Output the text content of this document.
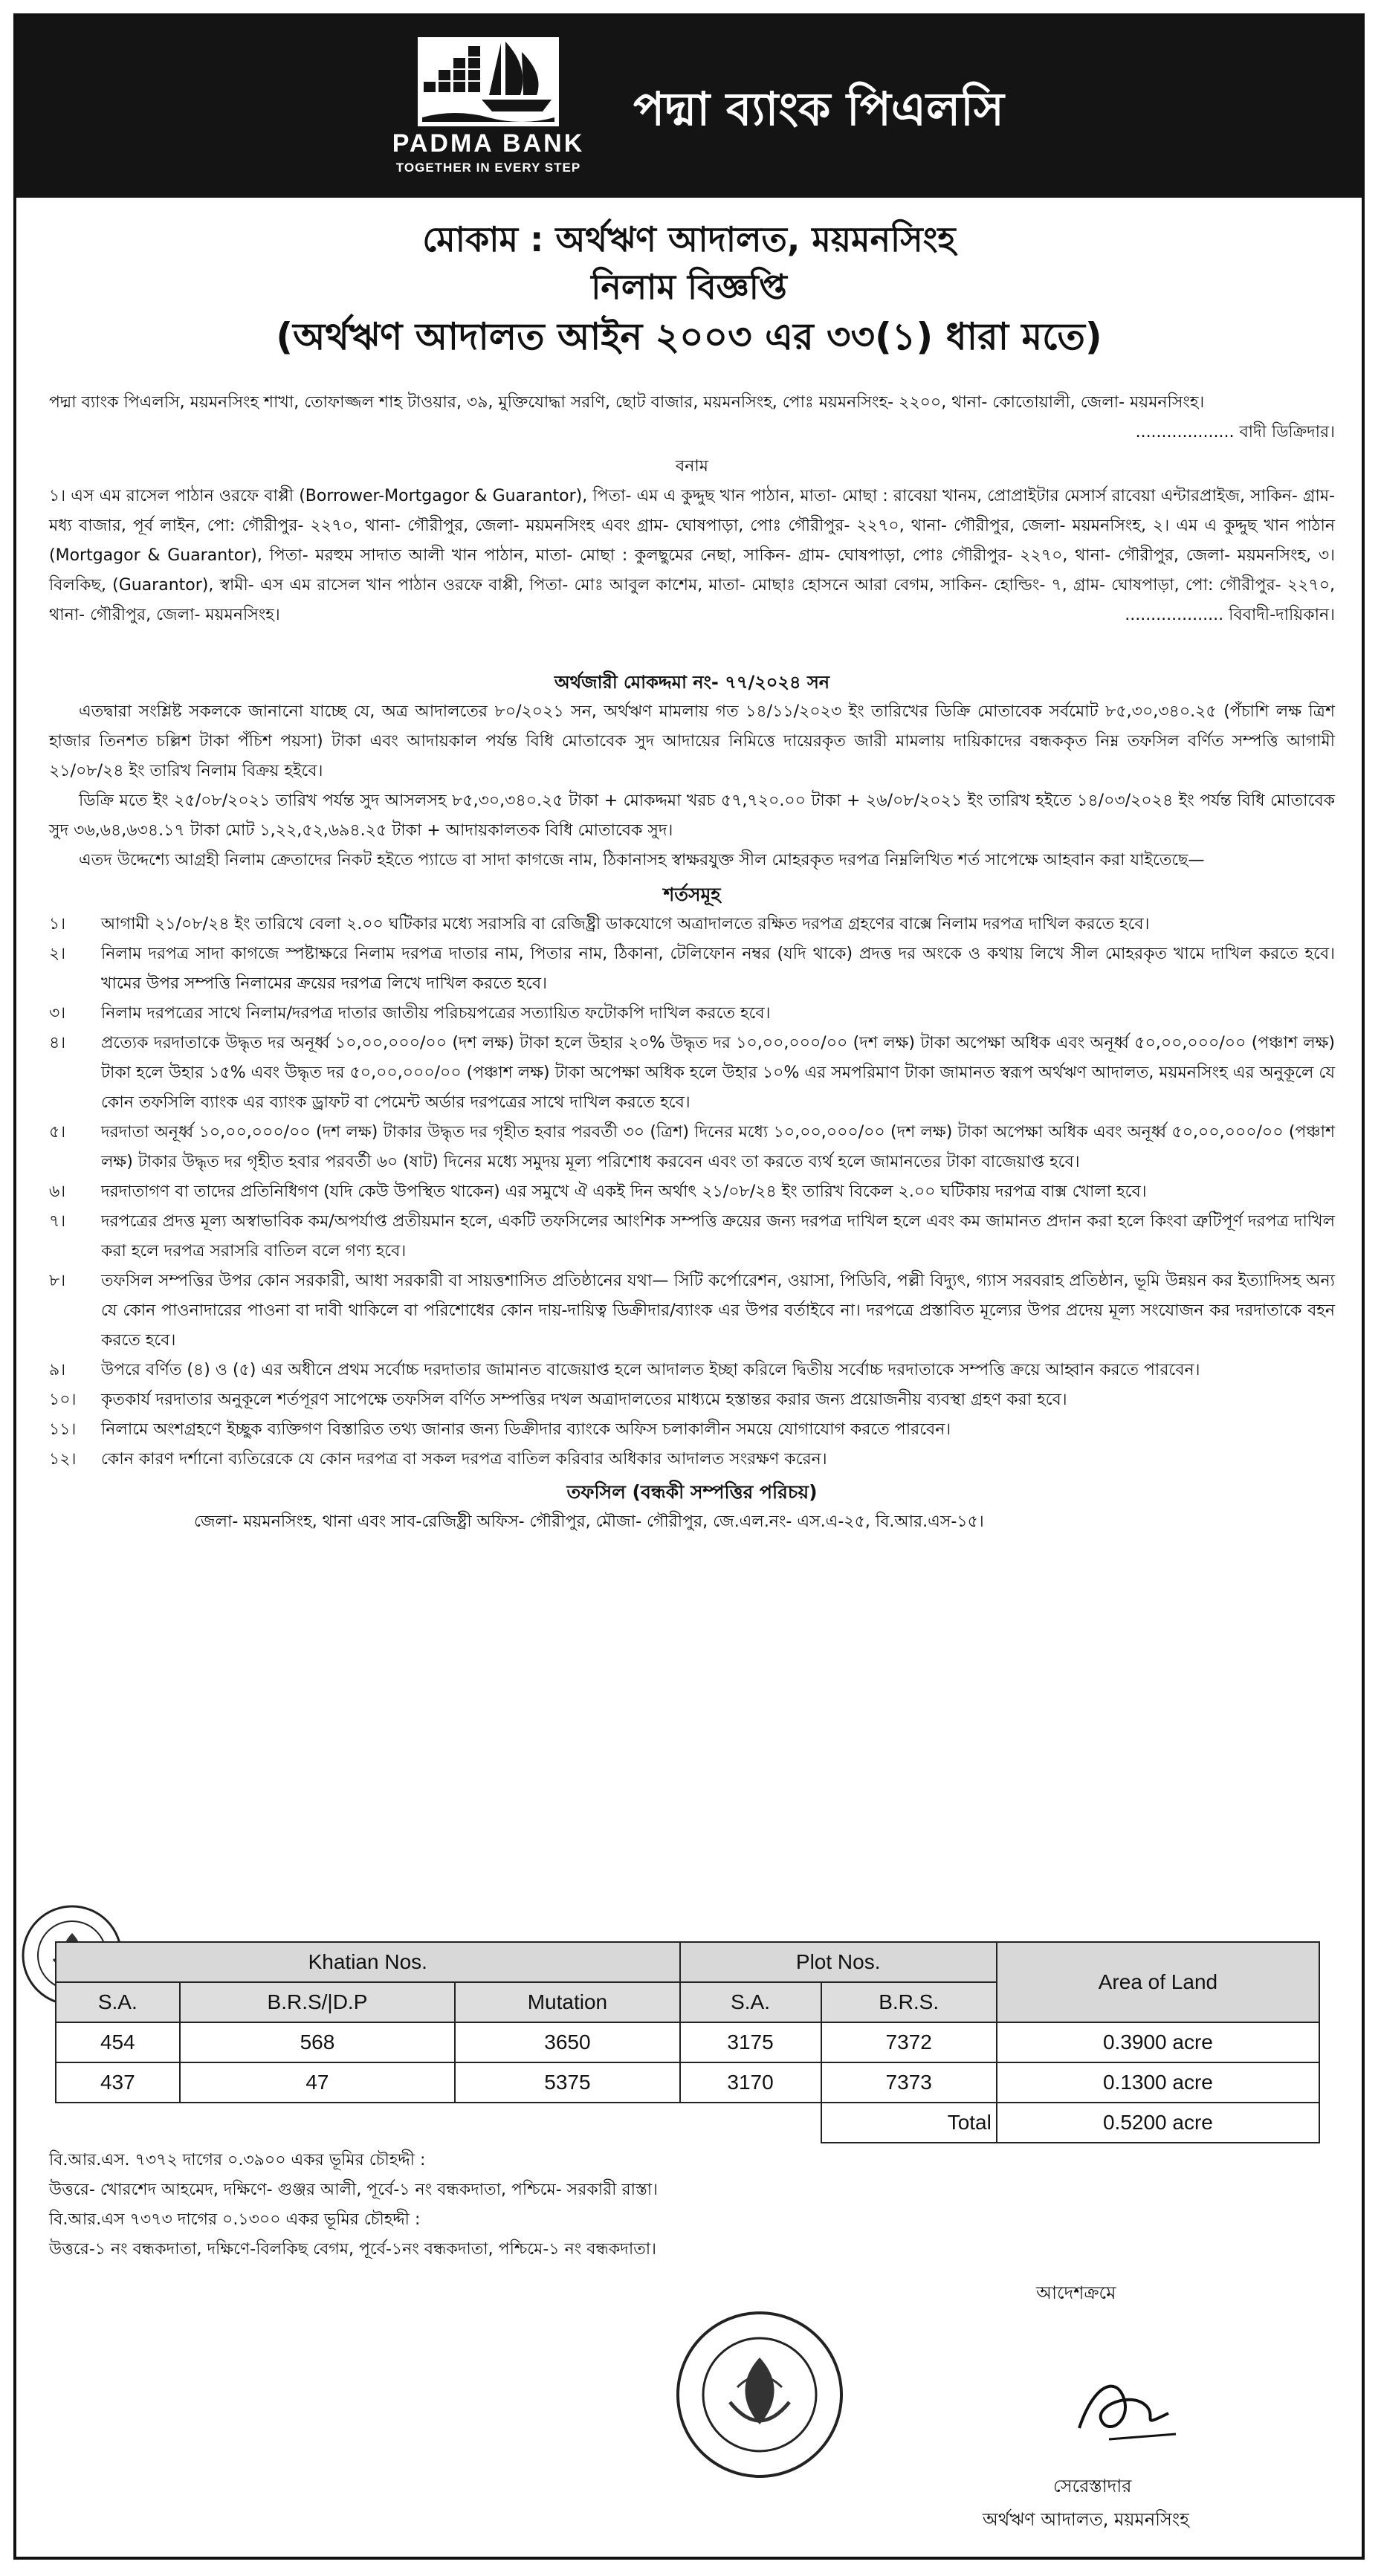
PADMA BANK
TOGETHER IN EVERY STEP
পদ্মা ব্যাংক পিএলসি
মোকাম : অর্থঋণ আদালত, ময়মনসিংহ
নিলাম বিজ্ঞপ্তি
(অর্থঋণ আদালত আইন ২০০৩ এর ৩৩(১) ধারা মতে)

পদ্মা ব্যাংক পিএলসি, ময়মনসিংহ শাখা, তোফাজ্জল শাহ টাওয়ার, ৩৯, মুক্তিযোদ্ধা সরণি, ছোট বাজার, ময়মনসিংহ, পোঃ ময়মনসিংহ- ২২০০, থানা- কোতোয়ালী, জেলা- ময়মনসিংহ।
................... বাদী ডিক্রিদার।

বনাম

১। এস এম রাসেল পাঠান ওরফে বাপ্পী (Borrower-Mortgagor & Guarantor), পিতা- এম এ কুদ্দুছ খান পাঠান, মাতা- মোছা : রাবেয়া খানম, প্রোপ্রাইটার মেসার্স রাবেয়া এন্টারপ্রাইজ, সাকিন- গ্রাম- মধ্য বাজার, পূর্ব লাইন, পো: গৌরীপুর- ২২৭০, থানা- গৌরীপুর, জেলা- ময়মনসিংহ এবং গ্রাম- ঘোষপাড়া, পোঃ গৌরীপুর- ২২৭০, থানা- গৌরীপুর, জেলা- ময়মনসিংহ, ২। এম এ কুদ্দুছ খান পাঠান (Mortgagor & Guarantor), পিতা- মরহুম সাদাত আলী খান পাঠান, মাতা- মোছা : কুলছুমের নেছা, সাকিন- গ্রাম- ঘোষপাড়া, পোঃ গৌরীপুর- ২২৭০, থানা- গৌরীপুর, জেলা- ময়মনসিংহ, ৩। বিলকিছ, (Guarantor), স্বামী- এস এম রাসেল খান পাঠান ওরফে বাপ্পী, পিতা- মোঃ আবুল কাশেম, মাতা- মোছাঃ হোসনে আরা বেগম, সাকিন- হোল্ডিং- ৭, গ্রাম- ঘোষপাড়া, পো: গৌরীপুর- ২২৭০, থানা- গৌরীপুর, জেলা- ময়মনসিংহ।	................... বিবাদী-দায়িকান।

অর্থজারী মোকদ্দমা নং- ৭৭/২০২৪ সন

এতদ্বারা সংশ্লিষ্ট সকলকে জানানো যাচ্ছে যে, অত্র আদালতের ৮০/২০২১ সন, অর্থঋণ মামলায় গত ১৪/১১/২০২৩ ইং তারিখের ডিক্রি মোতাবেক সর্বমোট ৮৫,৩০,৩৪০.২৫ (পঁচাশি লক্ষ ত্রিশ হাজার তিনশত চল্লিশ টাকা পঁচিশ পয়সা) টাকা এবং আদায়কাল পর্যন্ত বিধি মোতাবেক সুদ আদায়ের নিমিত্তে দায়েরকৃত জারী মামলায় দায়িকাদের বন্ধককৃত নিম্ন তফসিল বর্ণিত সম্পত্তি আগামী ২১/০৮/২৪ ইং তারিখ নিলাম বিক্রয় হইবে।

ডিক্রি মতে ইং ২৫/০৮/২০২১ তারিখ পর্যন্ত সুদ আসলসহ ৮৫,৩০,৩৪০.২৫ টাকা + মোকদ্দমা খরচ ৫৭,৭২০.০০ টাকা + ২৬/০৮/২০২১ ইং তারিখ হইতে ১৪/০৩/২০২৪ ইং পর্যন্ত বিধি মোতাবেক সুদ ৩৬,৬৪,৬৩৪.১৭ টাকা মোট ১,২২,৫২,৬৯৪.২৫ টাকা + আদায়কালতক বিধি মোতাবেক সুদ।

এতদ উদ্দেশ্যে আগ্রহী নিলাম ক্রেতাদের নিকট হইতে প্যাডে বা সাদা কাগজে নাম, ঠিকানাসহ স্বাক্ষরযুক্ত সীল মোহরকৃত দরপত্র নিম্নলিখিত শর্ত সাপেক্ষে আহবান করা যাইতেছে—

শর্তসমূহ
১।	আগামী ২১/০৮/২৪ ইং তারিখে বেলা ২.০০ ঘটিকার মধ্যে সরাসরি বা রেজিষ্ট্রী ডাকযোগে অত্রাদালতে রক্ষিত দরপত্র গ্রহণের বাক্সে নিলাম দরপত্র দাখিল করতে হবে।
২।	নিলাম দরপত্র সাদা কাগজে স্পষ্টাক্ষরে নিলাম দরপত্র দাতার নাম, পিতার নাম, ঠিকানা, টেলিফোন নম্বর (যদি থাকে) প্রদত্ত দর অংকে ও কথায় লিখে সীল মোহরকৃত খামে দাখিল করতে হবে। খামের উপর সম্পত্তি নিলামের ক্রয়ের দরপত্র লিখে দাখিল করতে হবে।
৩।	নিলাম দরপত্রের সাথে নিলাম/দরপত্র দাতার জাতীয় পরিচয়পত্রের সত্যায়িত ফটোকপি দাখিল করতে হবে।
৪।	প্রত্যেক দরদাতাকে উদ্ধৃত দর অনূর্ধ্ব ১০,০০,০০০/০০ (দশ লক্ষ) টাকা হলে উহার ২০% উদ্ধৃত দর ১০,০০,০০০/০০ (দশ লক্ষ) টাকা অপেক্ষা অধিক এবং অনূর্ধ্ব ৫০,০০,০০০/০০ (পঞ্চাশ লক্ষ) টাকা হলে উহার ১৫% এবং উদ্ধৃত দর ৫০,০০,০০০/০০ (পঞ্চাশ লক্ষ) টাকা অপেক্ষা অধিক হলে উহার ১০% এর সমপরিমাণ টাকা জামানত স্বরূপ অর্থঋণ আদালত, ময়মনসিংহ এর অনুকূলে যে কোন তফসিলি ব্যাংক এর ব্যাংক ড্রাফট বা পেমেন্ট অর্ডার দরপত্রের সাথে দাখিল করতে হবে।
৫।	দরদাতা অনূর্ধ্ব ১০,০০,০০০/০০ (দশ লক্ষ) টাকার উদ্ধৃত দর গৃহীত হবার পরবর্তী ৩০ (ত্রিশ) দিনের মধ্যে ১০,০০,০০০/০০ (দশ লক্ষ) টাকা অপেক্ষা অধিক এবং অনূর্ধ্ব ৫০,০০,০০০/০০ (পঞ্চাশ লক্ষ) টাকার উদ্ধৃত দর গৃহীত হবার পরবর্তী ৬০ (ষাট) দিনের মধ্যে সমুদয় মূল্য পরিশোধ করবেন এবং তা করতে ব্যর্থ হলে জামানতের টাকা বাজেয়াপ্ত হবে।
৬।	দরদাতাগণ বা তাদের প্রতিনিধিগণ (যদি কেউ উপস্থিত থাকেন) এর সমুখে ঐ একই দিন অর্থাৎ ২১/০৮/২৪ ইং তারিখ বিকেল ২.০০ ঘটিকায় দরপত্র বাক্স খোলা হবে।
৭।	দরপত্রের প্রদত্ত মূল্য অস্বাভাবিক কম/অপর্যাপ্ত প্রতীয়মান হলে, একটি তফসিলের আংশিক সম্পত্তি ক্রয়ের জন্য দরপত্র দাখিল হলে এবং কম জামানত প্রদান করা হলে কিংবা ত্রুটিপূর্ণ দরপত্র দাখিল করা হলে দরপত্র সরাসরি বাতিল বলে গণ্য হবে।
৮।	তফসিল সম্পত্তির উপর কোন সরকারী, আধা সরকারী বা সায়ত্তশাসিত প্রতিষ্ঠানের যথা— সিটি কর্পোরেশন, ওয়াসা, পিডিবি, পল্লী বিদ্যুৎ, গ্যাস সরবরাহ প্রতিষ্ঠান, ভূমি উন্নয়ন কর ইত্যাদিসহ অন্য যে কোন পাওনাদারের পাওনা বা দাবী থাকিলে বা পরিশোধের কোন দায়-দায়িত্ব ডিক্রীদার/ব্যাংক এর উপর বর্তাইবে না। দরপত্রে প্রস্তাবিত মূল্যের উপর প্রদেয় মূল্য সংযোজন কর দরদাতাকে বহন করতে হবে।
৯।	উপরে বর্ণিত (৪) ও (৫) এর অধীনে প্রথম সর্বোচ্চ দরদাতার জামানত বাজেয়াপ্ত হলে আদালত ইচ্ছা করিলে দ্বিতীয় সর্বোচ্চ দরদাতাকে সম্পত্তি ক্রয়ে আহ্বান করতে পারবেন।
১০।	কৃতকার্য দরদাতার অনুকূলে শর্তপূরণ সাপেক্ষে তফসিল বর্ণিত সম্পত্তির দখল অত্রাদালতের মাধ্যমে হস্তান্তর করার জন্য প্রয়োজনীয় ব্যবস্থা গ্রহণ করা হবে।
১১।	নিলামে অংশগ্রহণে ইচ্ছুক ব্যক্তিগণ বিস্তারিত তথ্য জানার জন্য ডিক্রীদার ব্যাংকে অফিস চলাকালীন সময়ে যোগাযোগ করতে পারবেন।
১২।	কোন কারণ দর্শানো ব্যতিরেকে যে কোন দরপত্র বা সকল দরপত্র বাতিল করিবার অধিকার আদালত সংরক্ষণ করেন।
তফসিল (বন্ধকী সম্পত্তির পরিচয়)
জেলা- ময়মনসিংহ, থানা এবং সাব-রেজিষ্ট্রী অফিস- গৌরীপুর, মৌজা- গৌরীপুর, জে.এল.নং- এস.এ-২৫, বি.আর.এস-১৫।
Khatian Nos.			Plot Nos.		Area of Land
S.A.	B.R.S/|D.P	Mutation	S.A.	B.R.S.	
454	568	3650	3175	7372	0.3900 acre
437	47	5375	3170	7373	0.1300 acre
				Total	0.5200 acre
বি.আর.এস. ৭৩৭২ দাগের ০.৩৯০০ একর ভূমির চৌহদ্দী :
উত্তরে- খোরশেদ আহমেদ, দক্ষিণে- গুঞ্জর আলী, পূর্বে-১ নং বন্ধকদাতা, পশ্চিমে- সরকারী রাস্তা।
বি.আর.এস ৭৩৭৩ দাগের ০.১৩০০ একর ভূমির চৌহদ্দী :
উত্তরে-১ নং বন্ধকদাতা, দক্ষিণে-বিলকিছ বেগম, পূর্বে-১নং বন্ধকদাতা, পশ্চিমে-১ নং বন্ধকদাতা।
আদেশক্রমে
সেরেস্তাদার
অর্থঋণ আদালত, ময়মনসিংহ
